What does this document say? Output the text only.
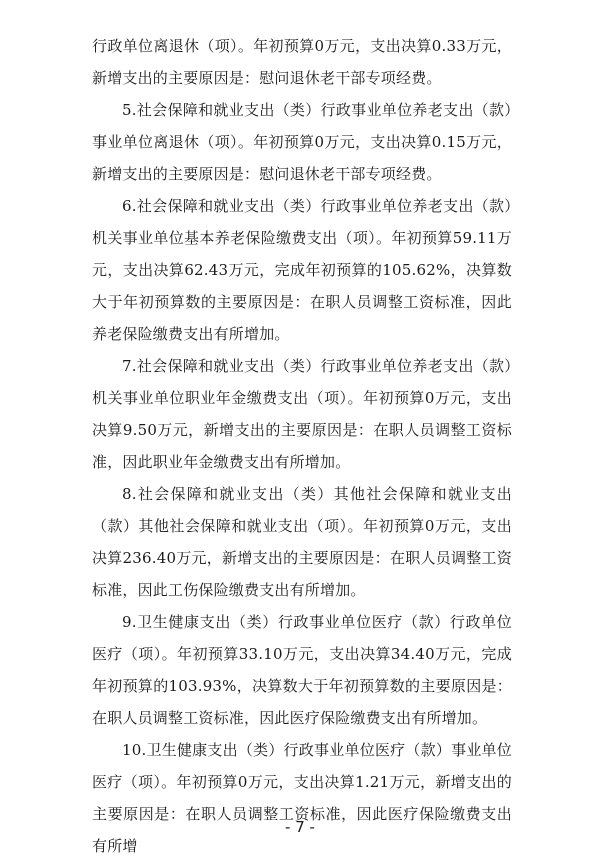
行政单位离退休（项）。年初预算0万元，支出决算0.33万元，新增支出的主要原因是：慰问退休老干部专项经费。

5.社会保障和就业支出（类）行政事业单位养老支出（款）事业单位离退休（项）。年初预算0万元，支出决算0.15万元，新增支出的主要原因是：慰问退休老干部专项经费。

6.社会保障和就业支出（类）行政事业单位养老支出（款）机关事业单位基本养老保险缴费支出（项）。年初预算59.11万元，支出决算62.43万元，完成年初预算的105.62%，决算数大于年初预算数的主要原因是：在职人员调整工资标准，因此养老保险缴费支出有所增加。

7.社会保障和就业支出（类）行政事业单位养老支出（款）机关事业单位职业年金缴费支出（项）。年初预算0万元，支出决算9.50万元，新增支出的主要原因是：在职人员调整工资标准，因此职业年金缴费支出有所增加。

8.社会保障和就业支出（类）其他社会保障和就业支出（款）其他社会保障和就业支出（项）。年初预算0万元，支出决算236.40万元，新增支出的主要原因是：在职人员调整工资标准，因此工伤保险缴费支出有所增加。

9.卫生健康支出（类）行政事业单位医疗（款）行政单位医疗（项）。年初预算33.10万元，支出决算34.40万元，完成年初预算的103.93%，决算数大于年初预算数的主要原因是：在职人员调整工资标准，因此医疗保险缴费支出有所增加。

10.卫生健康支出（类）行政事业单位医疗（款）事业单位医疗（项）。年初预算0万元，支出决算1.21万元，新增支出的主要原因是：在职人员调整工资标准，因此医疗保险缴费支出有所增

- 7 -
